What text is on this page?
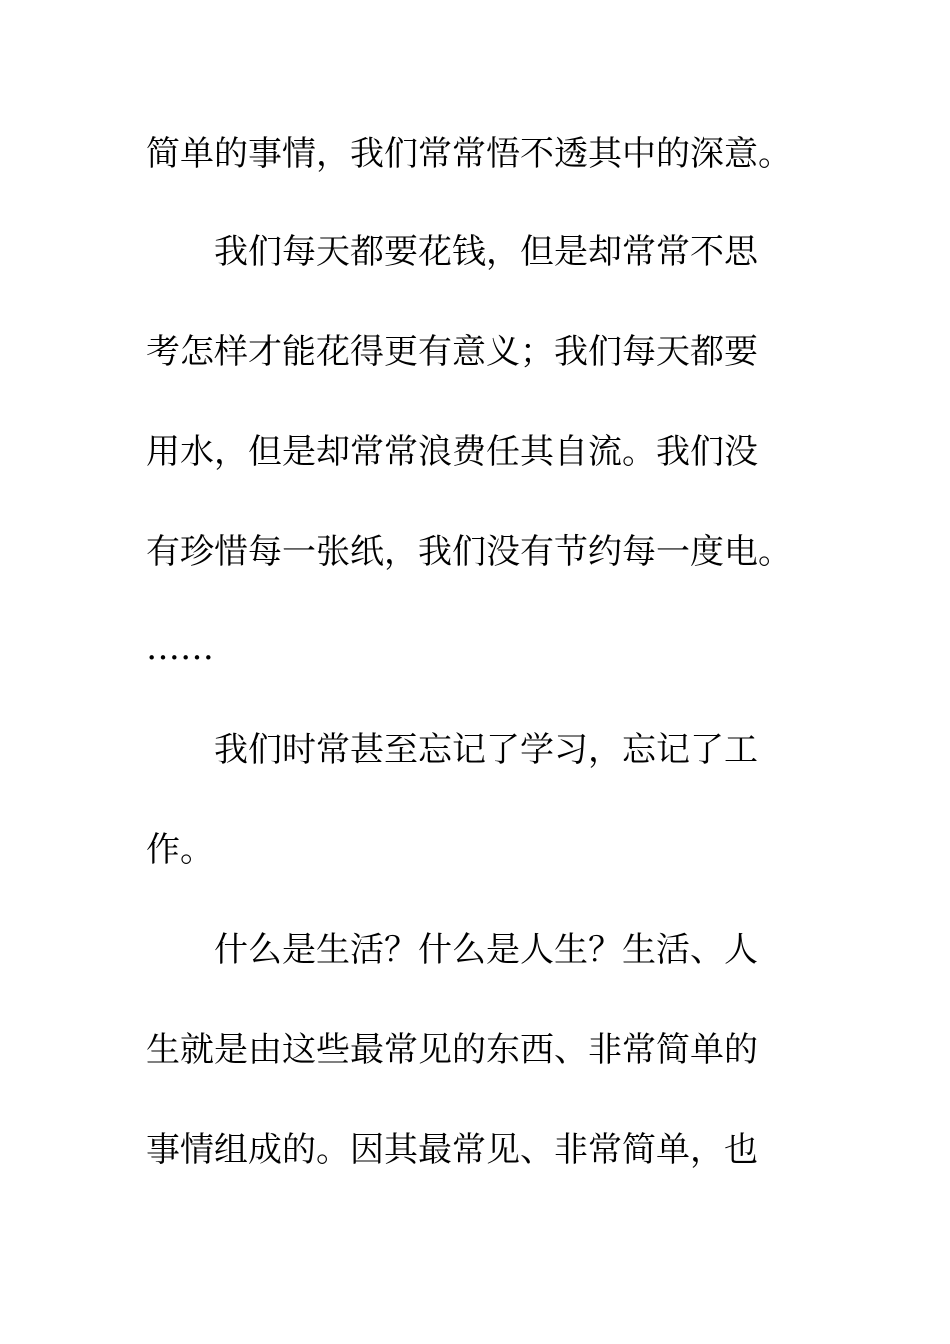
简单的事情，我们常常悟不透其中的深意。
我们每天都要花钱，但是却常常不思
考怎样才能花得更有意义；我们每天都要
用水，但是却常常浪费任其自流。我们没
有珍惜每一张纸，我们没有节约每一度电。
……
我们时常甚至忘记了学习，忘记了工
作。
什么是生活？什么是人生？生活、人
生就是由这些最常见的东西、非常简单的
事情组成的。因其最常见、非常简单，也
